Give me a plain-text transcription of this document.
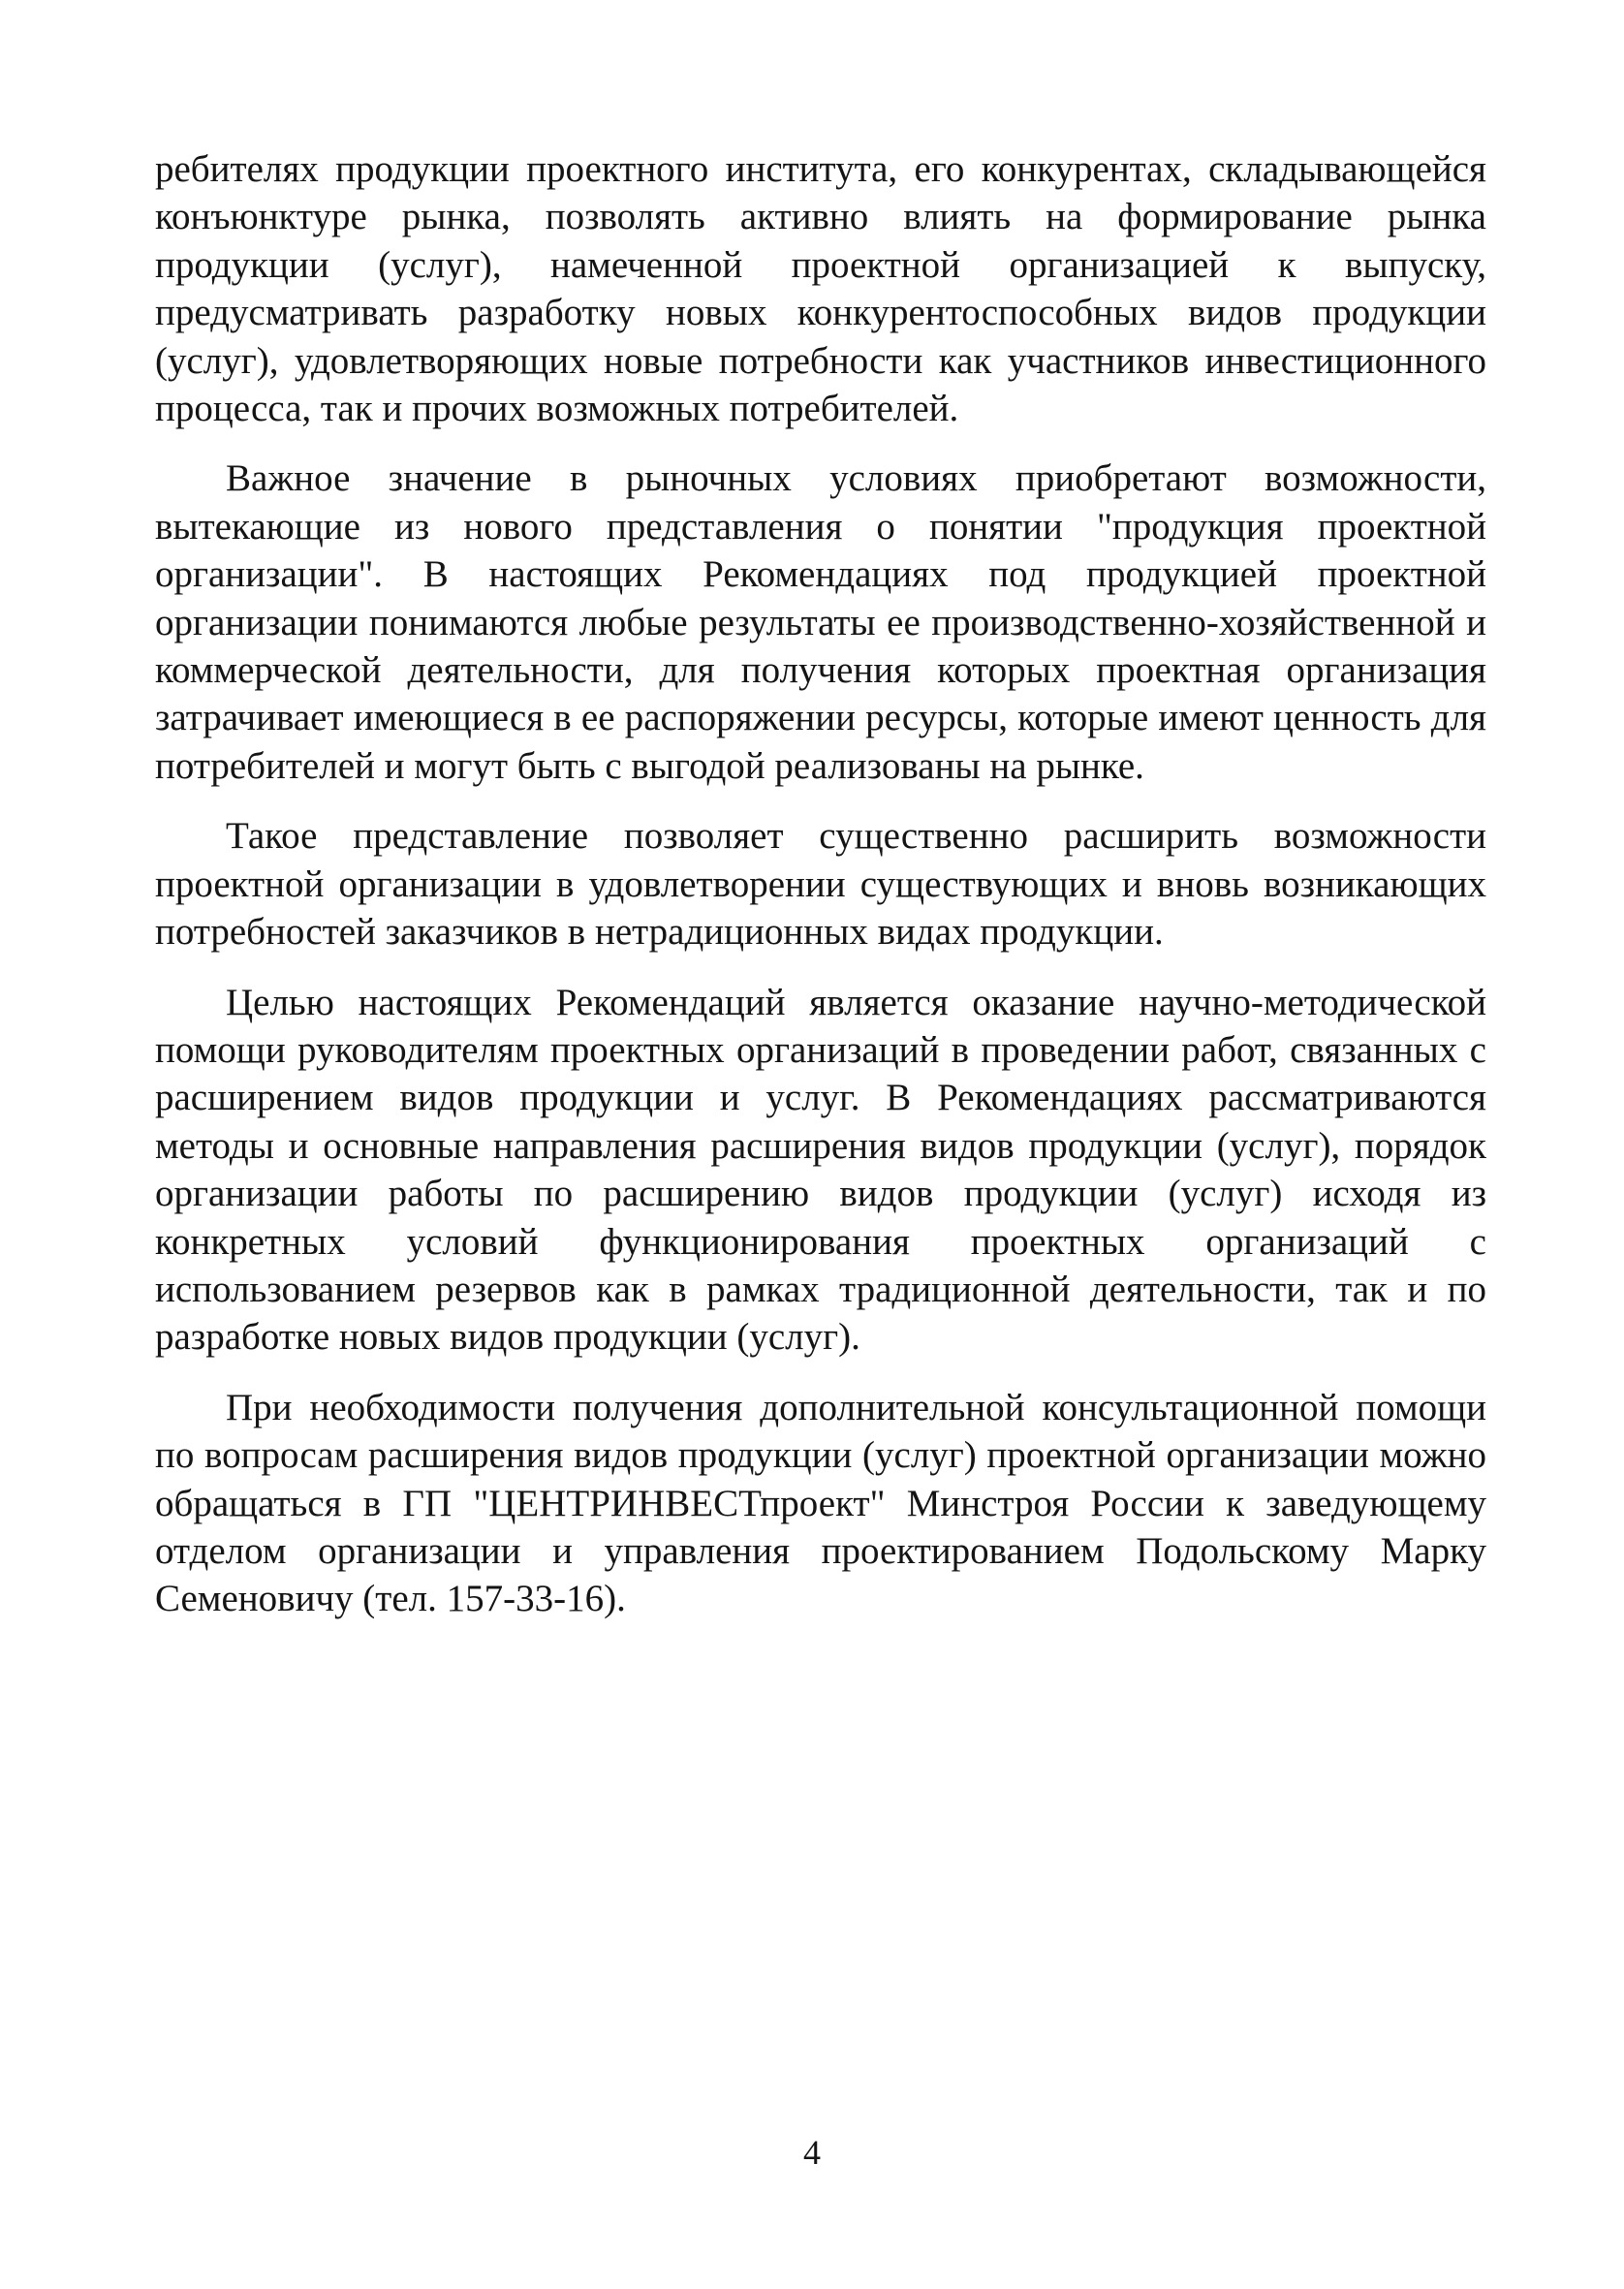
ребителях продукции проектного института, его конкурентах, складывающейся конъюнктуре рынка, позволять активно влиять на формирование рынка продукции (услуг), намеченной проектной организацией к выпуску, предусматривать разработку новых конкурентоспособных видов продукции (услуг), удовлетворяющих новые потребности как участников инвестиционного процесса, так и прочих возможных потребителей.

Важное значение в рыночных условиях приобретают возможности, вытекающие из нового представления о понятии "продукция проектной организации". В настоящих Рекомендациях под продукцией проектной организации понимаются любые результаты ее производственно-хозяйственной и коммерческой деятельности, для получения которых проектная организация затрачивает имеющиеся в ее распоряжении ресурсы, которые имеют ценность для потребителей и могут быть с выгодой реализованы на рынке.

Такое представление позволяет существенно расширить возможности проектной организации в удовлетворении существующих и вновь возникающих потребностей заказчиков в нетрадиционных видах продукции.

Целью настоящих Рекомендаций является оказание научно-методической помощи руководителям проектных организаций в проведении работ, связанных с расширением видов продукции и услуг. В Рекомендациях рассматриваются методы и основные направления расширения видов продукции (услуг), порядок организации работы по расширению видов продукции (услуг) исходя из конкретных условий функционирования проектных организаций с использованием резервов как в рамках традиционной деятельности, так и по разработке новых видов продукции (услуг).

При необходимости получения дополнительной консультационной помощи по вопросам расширения видов продукции (услуг) проектной организации можно обращаться в ГП "ЦЕНТРИНВЕСТпроект" Минстроя России к заведующему отделом организации и управления проектированием Подольскому Марку Семеновичу (тел. 157-33-16).

4
